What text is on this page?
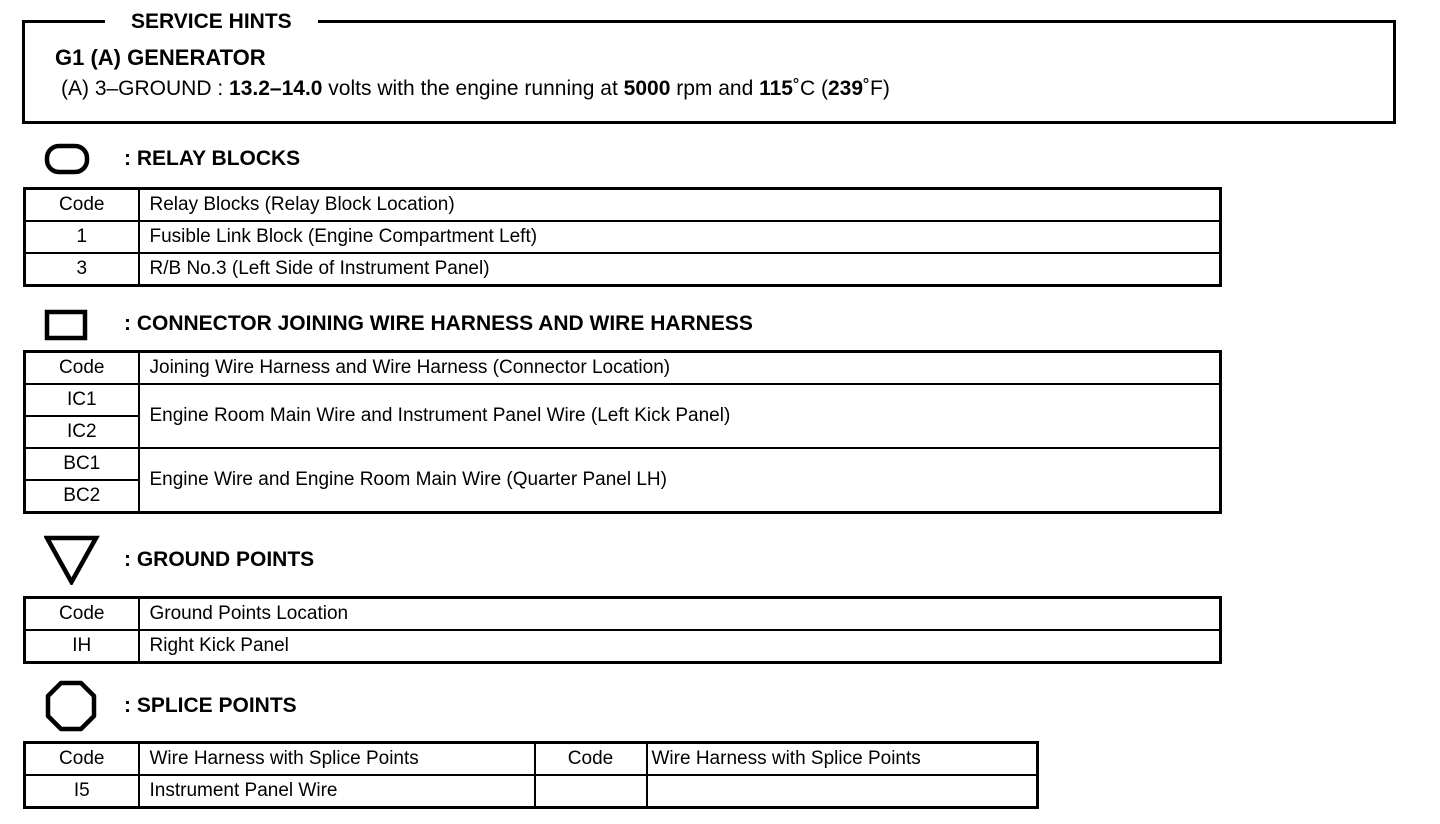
SERVICE HINTS
G1 (A) GENERATOR
(A) 3–GROUND : 13.2–14.0 volts with the engine running at 5000 rpm and 115˚C (239˚F)
: RELAY BLOCKS
Code	Relay Blocks (Relay Block Location)
1	Fusible Link Block (Engine Compartment Left)
3	R/B No.3 (Left Side of Instrument Panel)
: CONNECTOR JOINING WIRE HARNESS AND WIRE HARNESS
Code	Joining Wire Harness and Wire Harness (Connector Location)
IC1	Engine Room Main Wire and Instrument Panel Wire (Left Kick Panel)
IC2	
BC1	Engine Wire and Engine Room Main Wire (Quarter Panel LH)
BC2	
: GROUND POINTS
Code	Ground Points Location
IH	Right Kick Panel
: SPLICE POINTS
Code	Wire Harness with Splice Points	Code	Wire Harness with Splice Points
I5	Instrument Panel Wire		
